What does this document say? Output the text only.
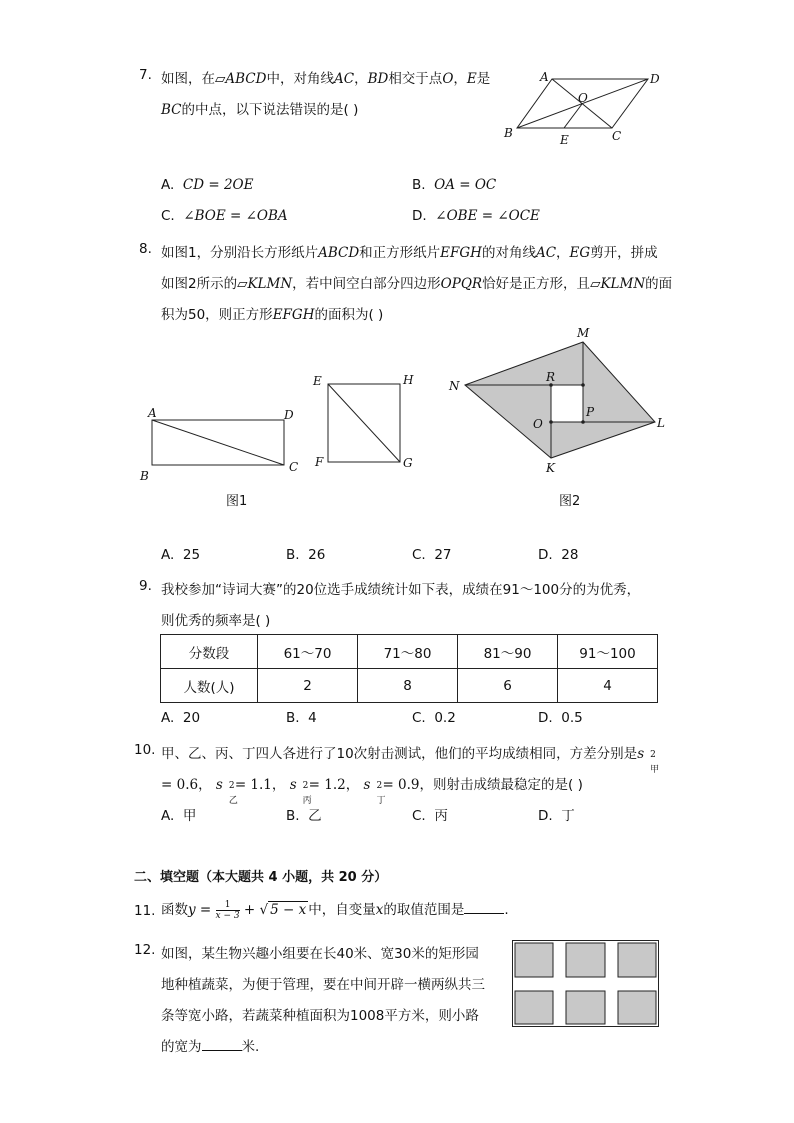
7. 如图，在▱ABCD中，对角线AC，BD相交于点O，E是
BC的中点，以下说法错误的是( )
A	D
B	C
O
E
A. CD = 2OE	B. OA = OC
C. ∠BOE = ∠OBA	D. ∠OBE = ∠OCE
8. 如图1，分别沿长方形纸片ABCD和正方形纸片EFGH的对角线AC，EG剪开，拼成
如图2所示的▱KLMN，若中间空白部分四边形OPQR恰好是正方形，且▱KLMN的面
积为50，则正方形EFGH的面积为( )
A	D
B
C
图1
E	H
F	G
M
N
L
K
R
P
O
图2
A. 25	B. 26	C. 27	D. 28
9. 我校参加“诗词大赛”的20位选手成绩统计如下表，成绩在91～100分的为优秀，
则优秀的频率是( )
分数段	61～70	71～80	81～90	91～100
人数(人)	2	8	6	4
A. 20	B. 4	C. 0.2	D. 0.5
10. 甲、乙、丙、丁四人各进行了10次射击测试，他们的平均成绩相同，方差分别是s 2
甲
= 0.6， s 2
乙
= 1.1， s 2
丙
= 1.2， s 2
丁
= 0.9，则射击成绩最稳定的是( )
A. 甲	B. 乙	C. 丙	D. 丁
二、填空题（本大题共 4 小题，共 20 分）
11. 函数$y = \frac{1}{x - 3}$ + √ 5 − x 中，自变量x的取值范围是	.
12. 如图，某生物兴趣小组要在长40米、宽30米的矩形园
地种植蔬菜，为便于管理，要在中间开辟一横两纵共三
条等宽小路，若蔬菜种植面积为1008平方米，则小路
的宽为	米.
